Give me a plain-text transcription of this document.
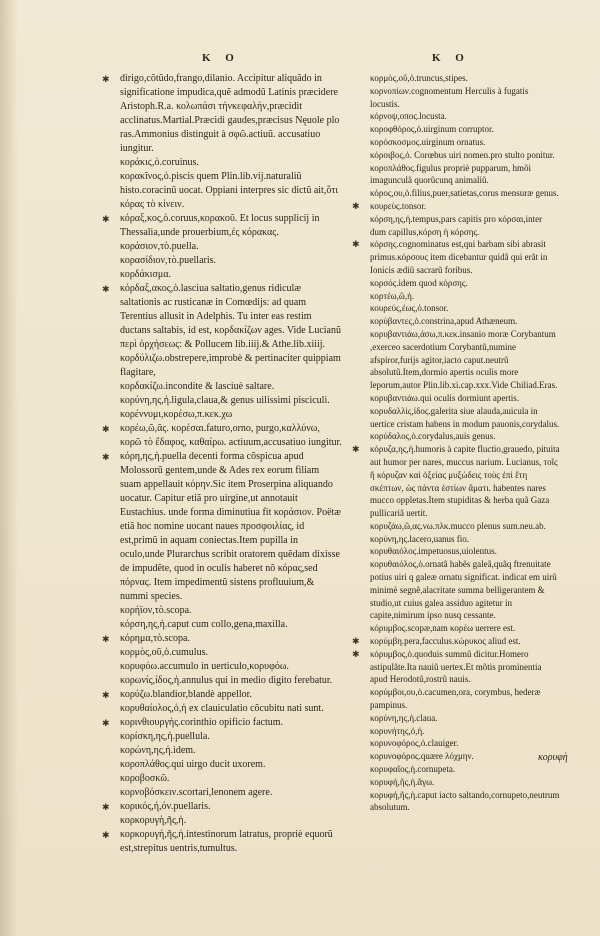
K O	K O
✱ dirigo,cõtũdo,frango,dilanio. Accipitur aliquãdo in significatione impudica,quẽ admodũ Latinis præcidere Aristoph.R.a. κολωπάσι τήνκεφαλήν,præcidit acclinatus.Martial.Præcidi gaudes,præcisus Nęuole plo ras.Ammonius distinguit à σφῶ.actiuũ. accusatiuo iungitur.
κοράκιϛ,ὁ.coruinus.
κορακῖνος,ὁ.piscis quem Plin.lib.vij.naturaliũ histo.coracinũ uocat. Oppiani interpres sic dictũ ait,ὅτι κόρας τὸ κίνειν.
✱ κόραξ,κος,ὁ.coruus,κορακοῦ. Et locus supplicij in Thessalia,unde prouerbium,ἐς κόρακας.
κοράσιον,τὸ.puella.
κορασίδιον,τὸ.puellaris.
κορδάκισμα.
✱ κόρδαξ,ακος,ὁ.lasciua saltatio,genus ridiculæ saltationis ac rusticanæ in Comœdijs: ad quam Terentius allusit in Adelphis. Tu inter eas restim ductans saltabis, id est, κορδακίζων ages. Vide Lucianũ περὶ ὀρχήσεως: & Pollucem lib.iiij.& Athe.lib.xiiij.
κορδύλιζω.obstrepere,improbè & pertinaciter quippiam flagitare,
κορδακίζω.incondite & lasciuè saltare.
κορύνη,ης,ἡ.ligula,claua,& genus uilissimi pisciculi.
κορέννυμι,κορέσω,π.κεκ.χω
✱ κορέω,ῶ,ᾶς. κορέσαι.faturo,orno, purgo,καλλύνω, κορῶ τὸ ἔδαφος, καθαίρω. actiuum,accusatiuo iungitur.
✱ κόρη,ης,ἡ.puella decenti forma cõspicua apud Molossorũ gentem,unde & Ades rex eorum filiam suam appellauit κόρην.Sic item Proserpina aliquando uocatur. Capitur etiã pro uirgine,ut annotauit Eustachius. unde forma diminutiua fit κοράσιον. Poëtæ etiã hoc nomine uocant naues προσφοιλίας, id est,primũ in aquam coniectas.Item pupilla in oculo,unde Plurarchus scribit oratorem quẽdam dixisse de impudẽte, quod in oculis haberet nõ κόρας,sed πόρνας. Item impedimentũ sistens profluuium,& nummi species.
κορήϊον,τὸ.scopa.
κόρση,ης,ἡ.caput cum collo,gena,maxilla.
✱ κόρημα,τὸ.scopa.
κορμὸς,οῦ,ὁ.cumulus.
κορυφόω.accumulo in uerticulo,κορυφόω.
κορωνίς,ίδος,ἡ.annulus qui in medio digito ferebatur.
✱ κορύζω.blandior,blandè appellor.
κορυθαίολος,ὁ,ἡ ex clauiculatio cõcubitu nati sunt.
✱ κορινθιουργής.corinthio opificio factum.
κορίσκη,ης,ἡ.puellula.
κορώνη,ης,ἡ.idem.
κοροπλάθος.qui uirgo ducit uxorem.
κοροβοσκῶ.
κορνοβόσκειν.scortari,lenonem agere.
✱ κορικός,ή,όν.puellaris.
κορκορυγὴ,ῆς,ἡ.
✱ κορκορυγή,ῆς,ἡ.intestinorum latratus, propriè equorũ est,strepitus uentris,tumultus.
κορμὸς,οῦ,ὁ.truncus,stipes.
κορνοπίων.cognomentum Herculis à fugatis locustis.
κόρνοψ,οπος.locusta.
κοροφθόρος,ὁ.uirginum corruptor.
κορόσκοσμος.uirginum ornatus.
κόροιβος,ὁ. Corœbus uiri nomen.pro stulto ponitur.
κοροπλάθος.figulus propriè pupparum, hmõi imagunculã quorũcunq animaliũ.
κόρος,ου,ὁ.filius,puer,satietas,corus mensuræ genus.
✱ κουρεὺς.tonsor.
κόρση,ης,ἡ.tempus,pars capitis pro κόρσαι,inter dum capillus,κόρση ἡ κόρσης.
✱ κόρσης.cognominatus est,qui barbam sibi abrasit primus.κόρσους item dicebantur quidã qui erãt in Ionicis ædiũ sacrarũ foribus.
κορσός.idem quod κόρσης.
κορτέω,ῶ,ἡ.
κουρεύς,ἐως,ὁ.tonsor.
κορύβαντες,ὁ.constrina,apud Athæneum.
κορυβαντιάω,άσω,π.κεκ.insanio moræ Corybantum ,exerceo sacerdotium Corybantũ,numine afspiror,furijs agitor,iacto caput.neutrũ absolutũ.Item,dormio apertis oculis more leporum,autor Plin.lib.xi.cap.xxx.Vide Chiliad.Eras.
κορυβαντιάω.qui oculis dormiunt apertis.
κορυδαλλὶς,ίδος.galerita siue alauda,auicula in uertice cristam habens in modum pauonis,corydalus.
κορύδαλος,ὁ.corydalus,auis genus.
✱ κόρυζα,ης,ἡ.humoris à capite fluctio,grauedo, pituita aut humor per nares, muccus narium. Lucianus, τοῖς ἤ κόρυζαν καὶ ὀξείας μυξώδεις τοὺς ἐπὶ ἔτη σκέπτων, ὡς πάντα ἐστίων ἄματι. habentes nares mucco oppletas.Item stupiditas & herba quã Gaza pullicariã uertit.
κορυζάω,ῶ,ας.νω.πλκ.mucco plenus sum.neu.ab.
κορύνη,ης.lacero,uanus fio.
κορυθαιόλος.impetuosus,uiolentus.
κορυθαιόλος,ὁ.ornatã habẽs galeã,quãq ftrenuitate potius uiri q galeæ ornatu significat. indicat em uirũ minimè segnẽ,alacritate summa belligerantem & studio,ut cuius galea assiduo agitetur in capite,nimirum ipso nusq cessante.
κόρυμβος.scopæ,nam κορέω uerrere est.
✱ κορύμβη.pera,facculus.κώρυκος aliud est.
✱ κόρυμβος,ὁ.quoduis summũ dicitur.Homero astipulãte.Ita nauiũ uertex.Et mõtis prominentia apud Herodotũ,rostrũ nauis.
κορύμβοι,ου,ὁ.cacumen,ora, corymbus, hederæ pampinus.
κορύνη,ης,ἡ.claua.
κορυνήτης,ὁ,ἡ.
κορυνοφόρος,ὁ.clauiger.
κορυνοφόρος.quære λόχμην.
κορυφαῖος,ἡ.cornupeta.
κορυφή,ῆς,ἡ.ἄγω.
κορυφή,ῆς,ἡ.caput iacto saltando,cornupeto,neutrum absolutum.
κορυφὴ
